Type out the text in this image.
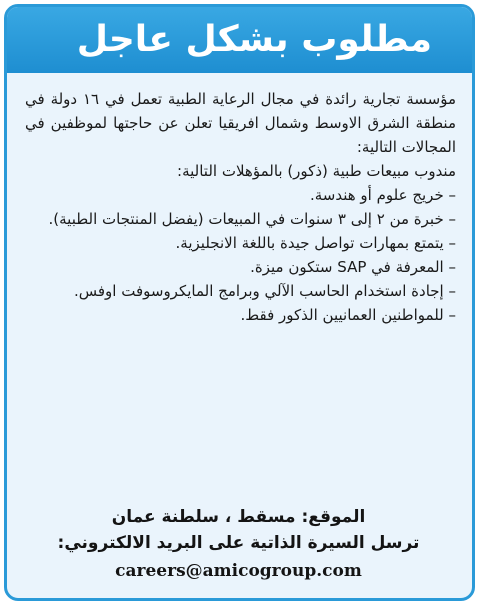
مطلوب بشكل عاجل

مؤسسة تجارية رائدة في مجال الرعاية الطبية تعمل في ١٦ دولة في منطقة الشرق الاوسط وشمال افريقيا تعلن عن حاجتها لموظفين في المجالات التالية:

مندوب مبيعات طبية (ذكور) بالمؤهلات التالية:

– خريج علوم أو هندسة.
– خبرة من ٢ إلى ٣ سنوات في المبيعات (يفضل المنتجات الطبية).
– يتمتع بمهارات تواصل جيدة باللغة الانجليزية.
– المعرفة في SAP ستكون ميزة.
– إجادة استخدام الحاسب الآلي وبرامج المايكروسوفت اوفس.
– للمواطنين العمانيين الذكور فقط.
الموقع: مسقط ، سلطنة عمان
ترسل السيرة الذاتية على البريد الالكتروني:
careers@amicogroup.com
